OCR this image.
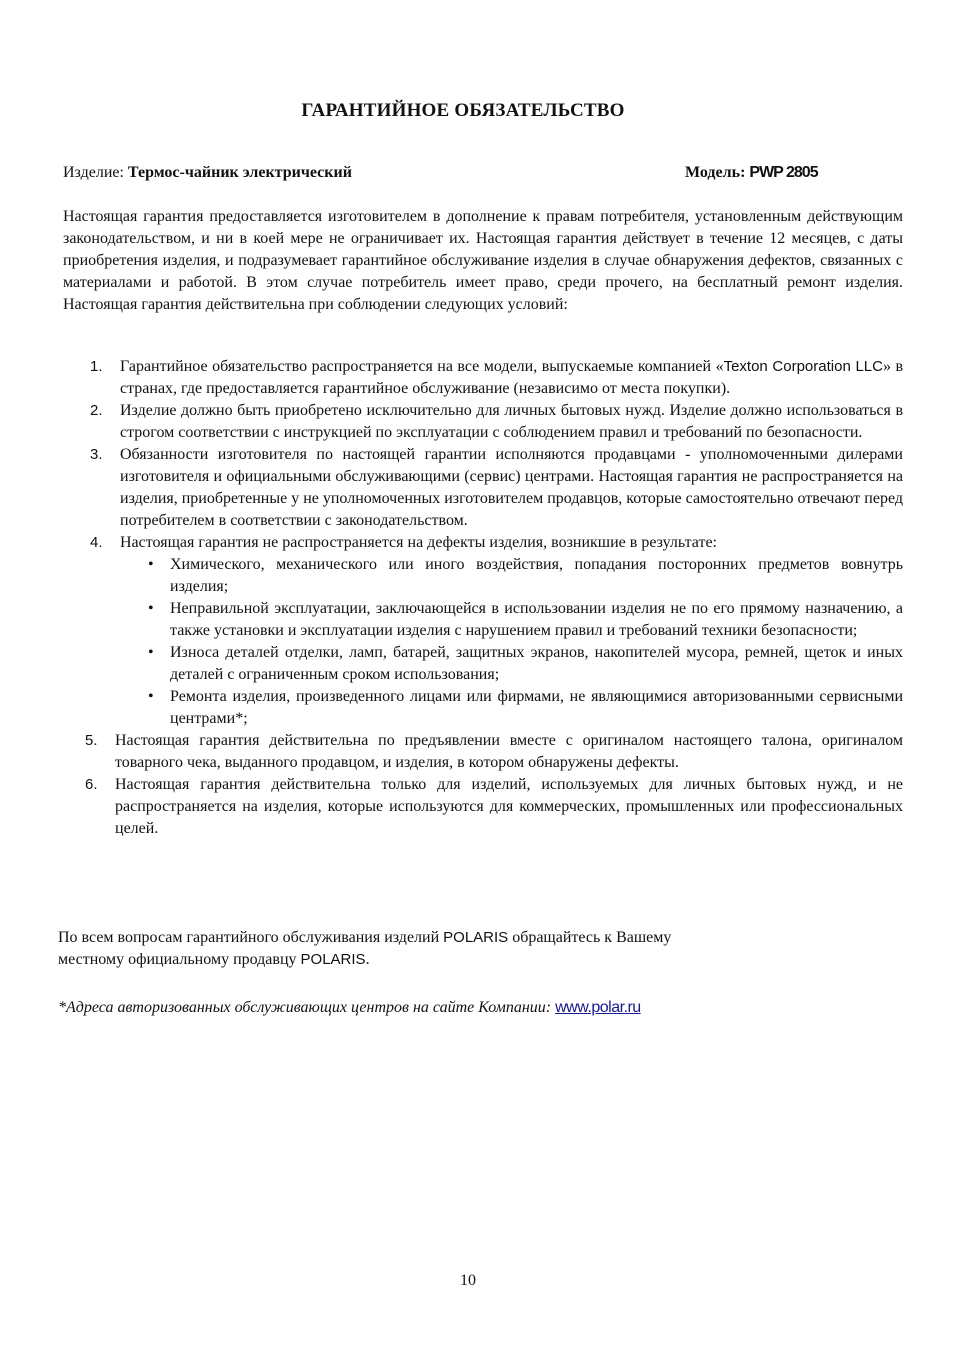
ГАРАНТИЙНОЕ ОБЯЗАТЕЛЬСТВО
Изделие: Термос-чайник электрический	Модель: PWP 2805
Настоящая гарантия предоставляется изготовителем в дополнение к правам потребителя, установленным действующим законодательством, и ни в коей мере не ограничивает их. Настоящая гарантия действует в течение 12 месяцев, с даты приобретения изделия, и подразумевает гарантийное обслуживание изделия в случае обнаружения дефектов, связанных с материалами и работой. В этом случае потребитель имеет право, среди прочего, на бесплатный ремонт изделия. Настоящая гарантия действительна при соблюдении следующих условий:
1. Гарантийное обязательство распространяется на все модели, выпускаемые компанией «Texton Corporation LLC» в странах, где предоставляется гарантийное обслуживание (независимо от места покупки).
2. Изделие должно быть приобретено исключительно для личных бытовых нужд. Изделие должно использоваться в строгом соответствии с инструкцией по эксплуатации с соблюдением правил и требований по безопасности.
3. Обязанности изготовителя по настоящей гарантии исполняются продавцами - уполномоченными дилерами изготовителя и официальными обслуживающими (сервис) центрами. Настоящая гарантия не распространяется на изделия, приобретенные у не уполномоченных изготовителем продавцов, которые самостоятельно отвечают перед потребителем в соответствии с законодательством.
4. Настоящая гарантия не распространяется на дефекты изделия, возникшие в результате:
• Химического, механического или иного воздействия, попадания посторонних предметов вовнутрь изделия;
• Неправильной эксплуатации, заключающейся в использовании изделия не по его прямому назначению, а также установки и эксплуатации изделия с нарушением правил и требований техники безопасности;
• Износа деталей отделки, ламп, батарей, защитных экранов, накопителей мусора, ремней, щеток и иных деталей с ограниченным сроком использования;
• Ремонта изделия, произведенного лицами или фирмами, не являющимися авторизованными сервисными центрами*;
5. Настоящая гарантия действительна по предъявлении вместе с оригиналом настоящего талона, оригиналом товарного чека, выданного продавцом, и изделия, в котором обнаружены дефекты.
6. Настоящая гарантия действительна только для изделий, используемых для личных бытовых нужд, и не распространяется на изделия, которые используются для коммерческих, промышленных или профессиональных целей.
По всем вопросам гарантийного обслуживания изделий POLARIS обращайтесь к Вашему
местному официальному продавцу POLARIS.
*Адреса авторизованных обслуживающих центров на сайте Компании: www.polar.ru
10
